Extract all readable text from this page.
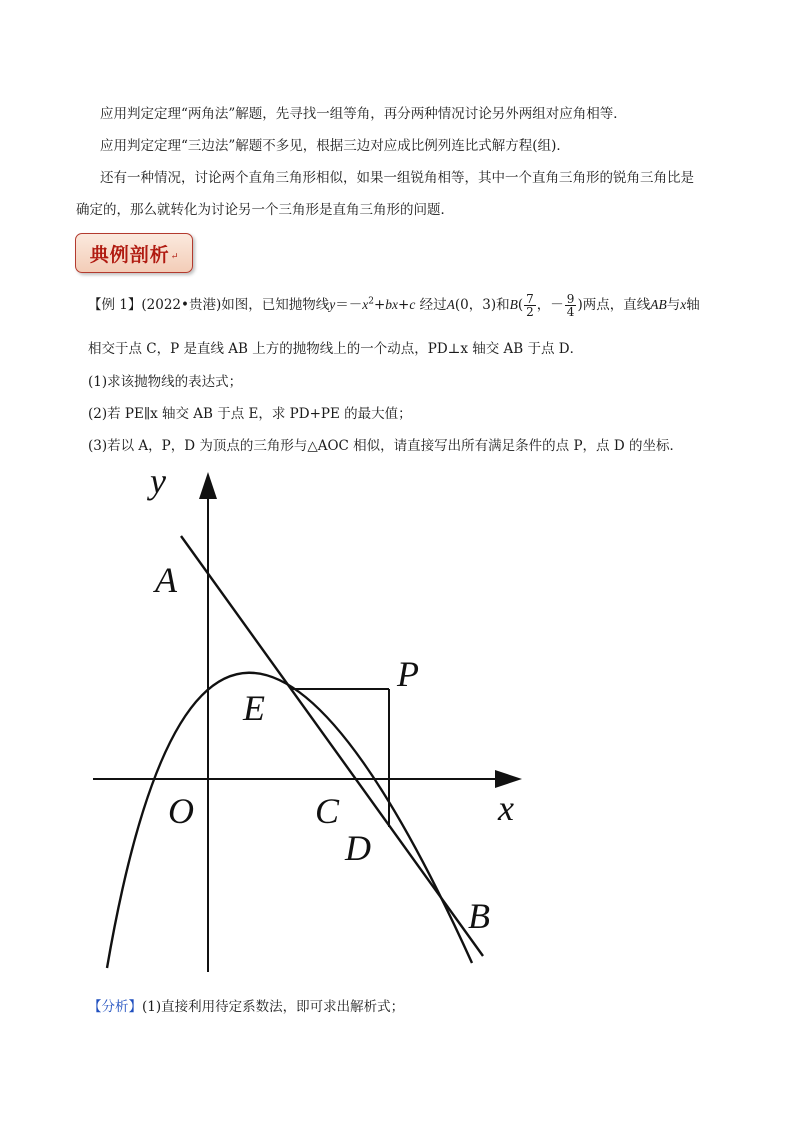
应用判定定理“两角法”解题，先寻找一组等角，再分两种情况讨论另外两组对应角相等．
应用判定定理“三边法”解题不多见，根据三边对应成比例列连比式解方程(组)．
还有一种情况，讨论两个直角三角形相似，如果一组锐角相等，其中一个直角三角形的锐角三角比是
确定的，那么就转化为讨论另一个三角形是直角三角形的问题．
典例剖析 ↵
【例 1】(2022•贵港)如图，已知抛物线$y=-x^2+bx+c$ 经过A(0，3)和$B( \frac{7}{2}$ ，－ $\frac{9}{4}$ )两点，直线AB与x轴
相交于点 C，P 是直线 AB 上方的抛物线上的一个动点，PD⊥x 轴交 AB 于点 D．
(1)求该抛物线的表达式；
(2)若 PE∥x 轴交 AB 于点 E，求 PD+PE 的最大值；
(3)若以 A，P，D 为顶点的三角形与△AOC 相似，请直接写出所有满足条件的点 P，点 D 的坐标．
y
A
P
E
O	C	x
D
B
【分析】(1)直接利用待定系数法，即可求出解析式；
